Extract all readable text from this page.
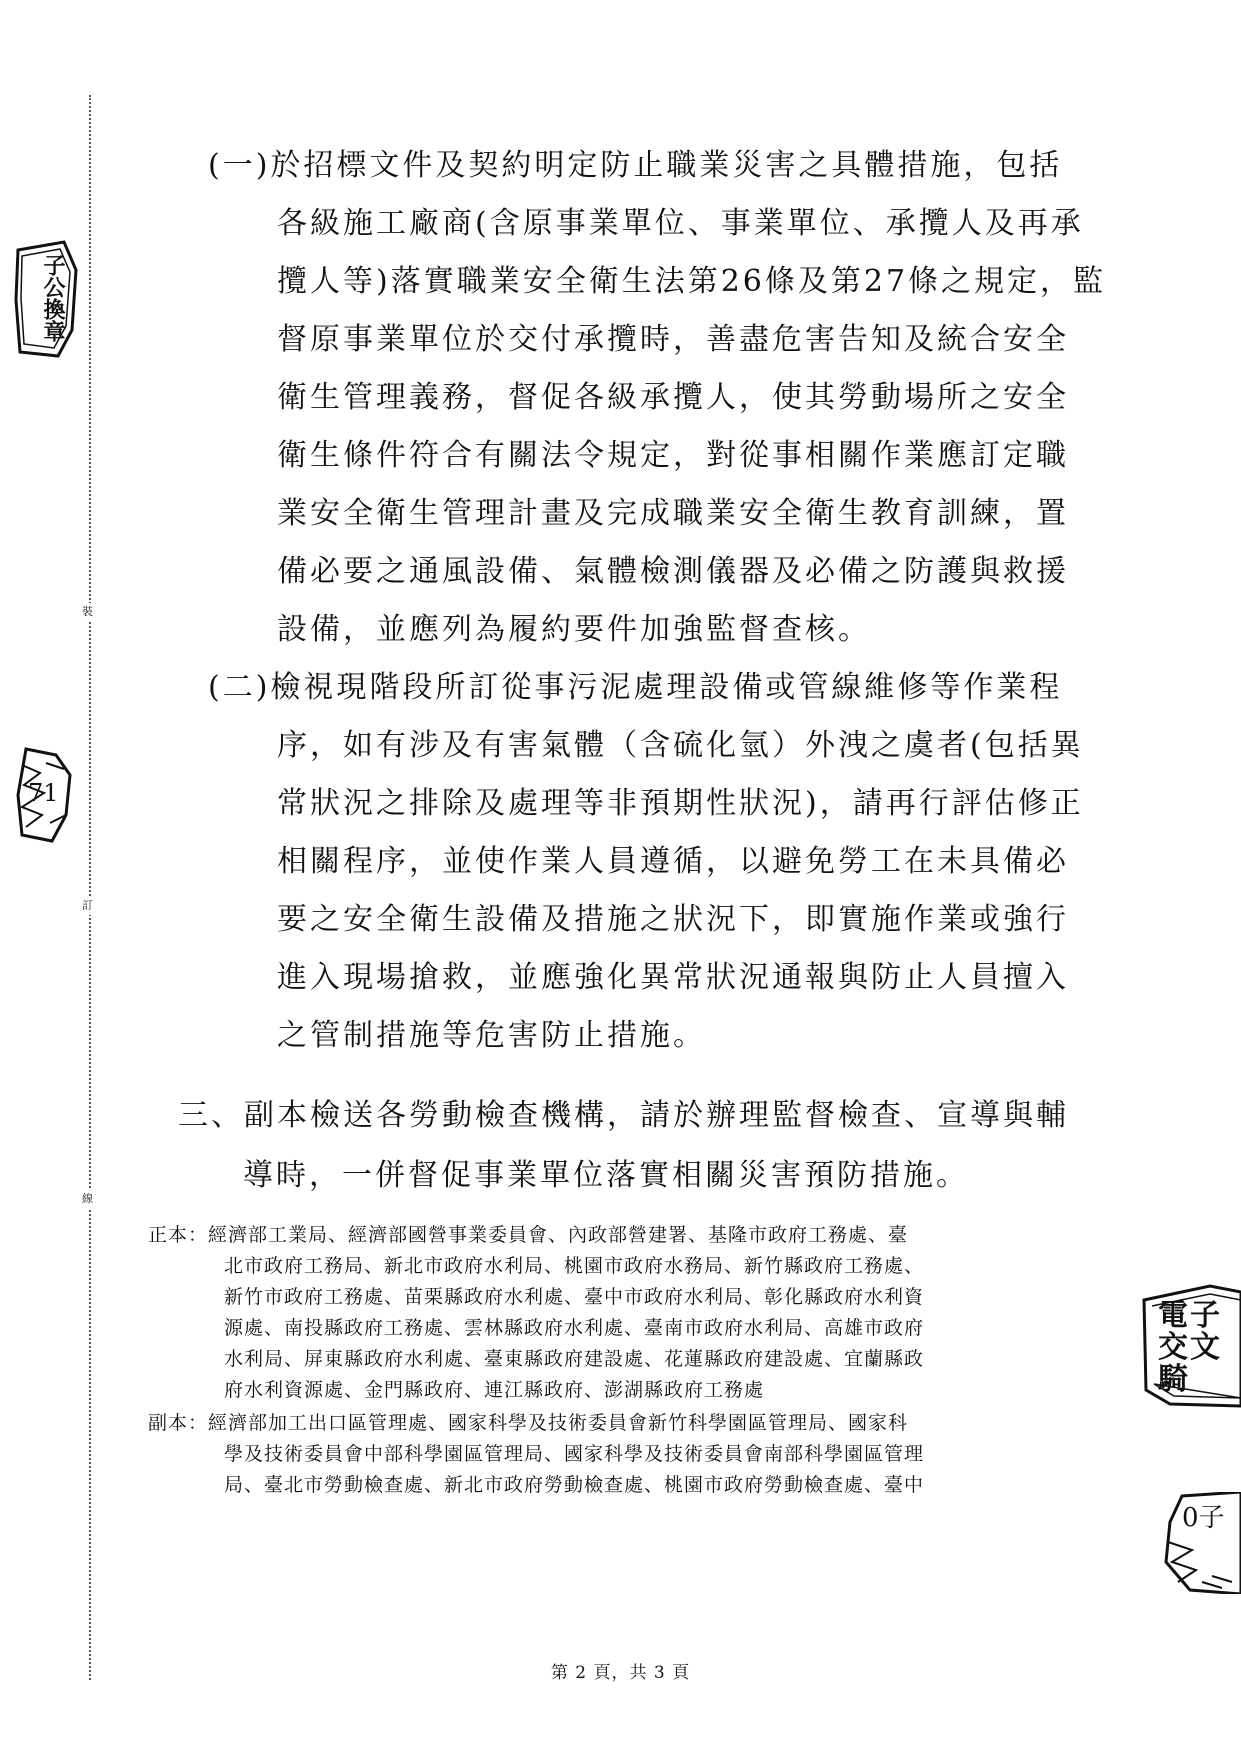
裝
訂
線
子公換章
71
電子交文騎
0子
(一)於招標文件及契約明定防止職業災害之具體措施，包括
各級施工廠商(含原事業單位、事業單位、承攬人及再承
攬人等)落實職業安全衛生法第26條及第27條之規定，監
督原事業單位於交付承攬時，善盡危害告知及統合安全
衛生管理義務，督促各級承攬人，使其勞動場所之安全
衛生條件符合有關法令規定，對從事相關作業應訂定職
業安全衛生管理計畫及完成職業安全衛生教育訓練，置
備必要之通風設備、氣體檢測儀器及必備之防護與救援
設備，並應列為履約要件加強監督查核。
(二)檢視現階段所訂從事污泥處理設備或管線維修等作業程
序，如有涉及有害氣體（含硫化氫）外洩之虞者(包括異
常狀況之排除及處理等非預期性狀況)，請再行評估修正
相關程序，並使作業人員遵循，以避免勞工在未具備必
要之安全衛生設備及措施之狀況下，即實施作業或強行
進入現場搶救，並應強化異常狀況通報與防止人員擅入
之管制措施等危害防止措施。
三、副本檢送各勞動檢查機構，請於辦理監督檢查、宣導與輔
導時，一併督促事業單位落實相關災害預防措施。
正本：經濟部工業局、經濟部國營事業委員會、內政部營建署、基隆市政府工務處、臺
北市政府工務局、新北市政府水利局、桃園市政府水務局、新竹縣政府工務處、
新竹市政府工務處、苗栗縣政府水利處、臺中市政府水利局、彰化縣政府水利資
源處、南投縣政府工務處、雲林縣政府水利處、臺南市政府水利局、高雄市政府
水利局、屏東縣政府水利處、臺東縣政府建設處、花蓮縣政府建設處、宜蘭縣政
府水利資源處、金門縣政府、連江縣政府、澎湖縣政府工務處
副本：經濟部加工出口區管理處、國家科學及技術委員會新竹科學園區管理局、國家科
學及技術委員會中部科學園區管理局、國家科學及技術委員會南部科學園區管理
局、臺北市勞動檢查處、新北市政府勞動檢查處、桃園市政府勞動檢查處、臺中
第 2 頁，共 3 頁
